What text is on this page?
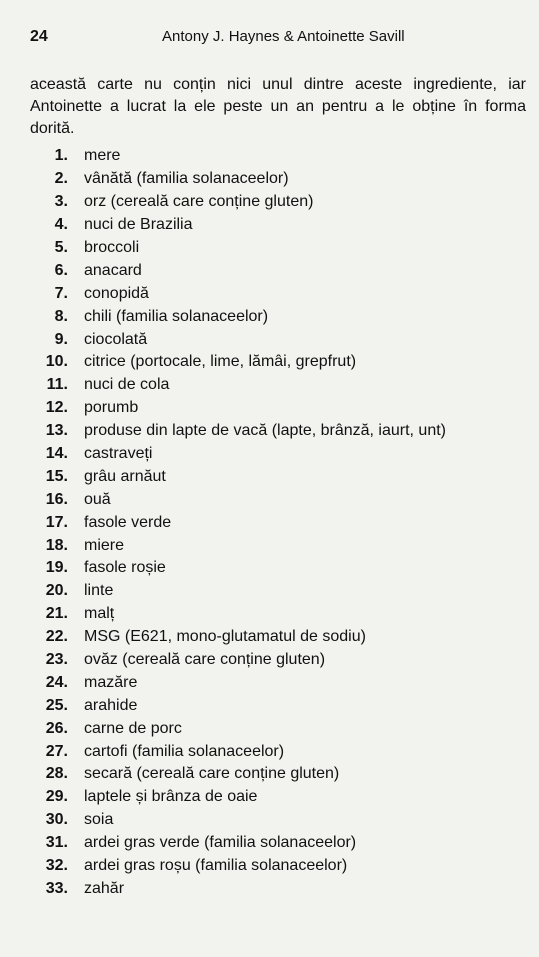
24	Antony J. Haynes & Antoinette Savill

această carte nu conțin nici unul dintre aceste ingrediente, iar Antoinette a lucrat la ele peste un an pentru a le obține în forma dorită.

1. mere
2. vânătă (familia solanaceelor)
3. orz (cereală care conține gluten)
4. nuci de Brazilia
5. broccoli
6. anacard
7. conopidă
8. chili (familia solanaceelor)
9. ciocolată
10. citrice (portocale, lime, lămâi, grepfrut)
11. nuci de cola
12. porumb
13. produse din lapte de vacă (lapte, brânză, iaurt, unt)
14. castraveți
15. grâu arnăut
16. ouă
17. fasole verde
18. miere
19. fasole roșie
20. linte
21. malț
22. MSG (E621, mono-glutamatul de sodiu)
23. ovăz (cereală care conține gluten)
24. mazăre
25. arahide
26. carne de porc
27. cartofi (familia solanaceelor)
28. secară (cereală care conține gluten)
29. laptele și brânza de oaie
30. soia
31. ardei gras verde (familia solanaceelor)
32. ardei gras roșu (familia solanaceelor)
33. zahăr
